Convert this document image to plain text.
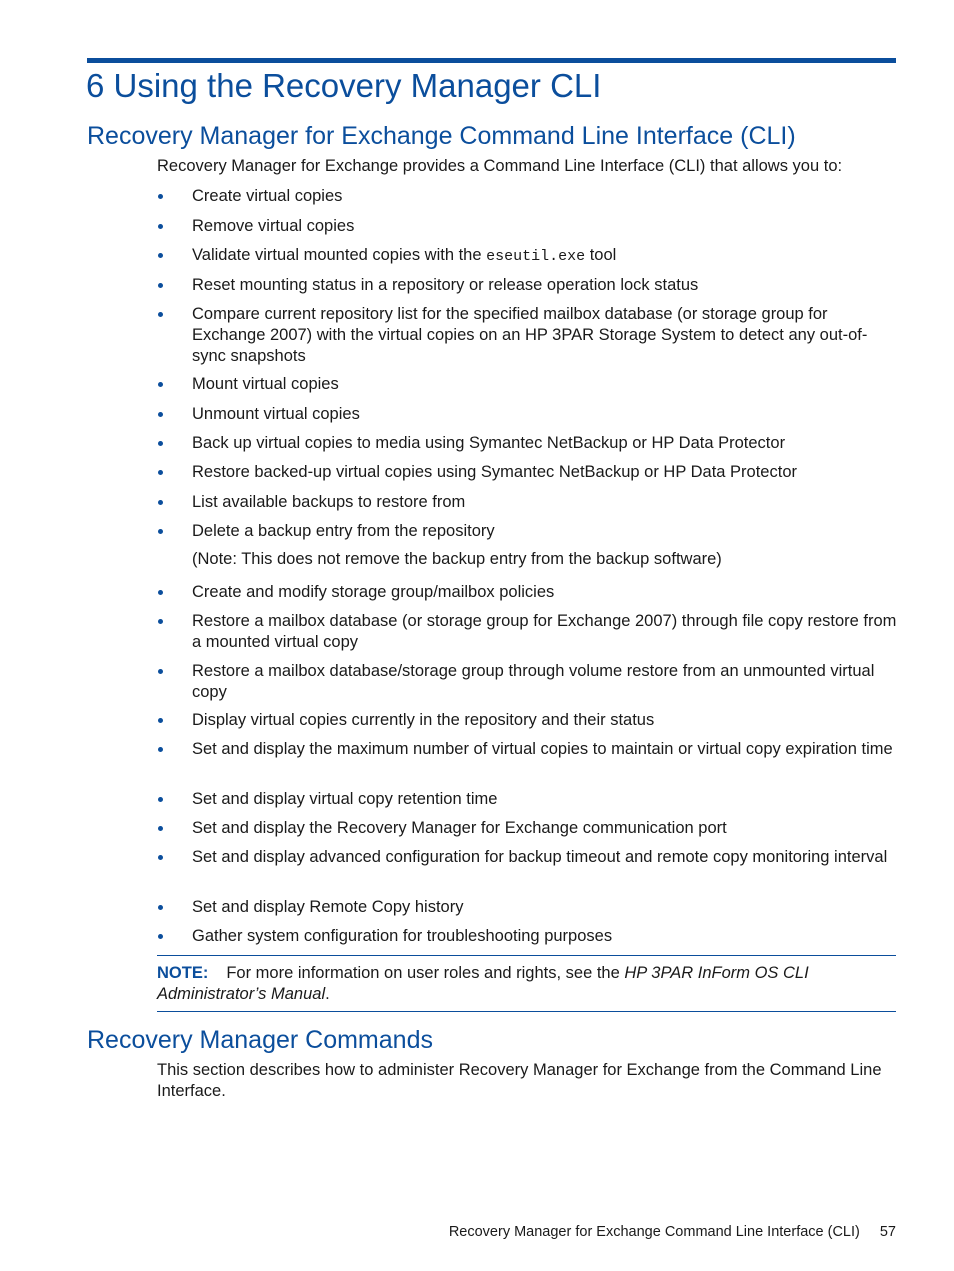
6 Using the Recovery Manager CLI
Recovery Manager for Exchange Command Line Interface (CLI)

Recovery Manager for Exchange provides a Command Line Interface (CLI) that allows you to:

Create virtual copies
Remove virtual copies
Validate virtual mounted copies with the eseutil.exe tool
Reset mounting status in a repository or release operation lock status
Compare current repository list for the specified mailbox database (or storage group for Exchange 2007) with the virtual copies on an HP 3PAR Storage System to detect any out-of-sync snapshots
Mount virtual copies
Unmount virtual copies
Back up virtual copies to media using Symantec NetBackup or HP Data Protector
Restore backed-up virtual copies using Symantec NetBackup or HP Data Protector
List available backups to restore from
Delete a backup entry from the repository
(Note: This does not remove the backup entry from the backup software)
Create and modify storage group/mailbox policies
Restore a mailbox database (or storage group for Exchange 2007) through file copy restore from a mounted virtual copy
Restore a mailbox database/storage group through volume restore from an unmounted virtual copy
Display virtual copies currently in the repository and their status
Set and display the maximum number of virtual copies to maintain or virtual copy expiration time
Set and display virtual copy retention time
Set and display the Recovery Manager for Exchange communication port
Set and display advanced configuration for backup timeout and remote copy monitoring interval
Set and display Remote Copy history
Gather system configuration for troubleshooting purposes

NOTE: For more information on user roles and rights, see the HP 3PAR InForm OS CLI Administrator’s Manual.

Recovery Manager Commands

This section describes how to administer Recovery Manager for Exchange from the Command Line Interface.

Recovery Manager for Exchange Command Line Interface (CLI) 57
